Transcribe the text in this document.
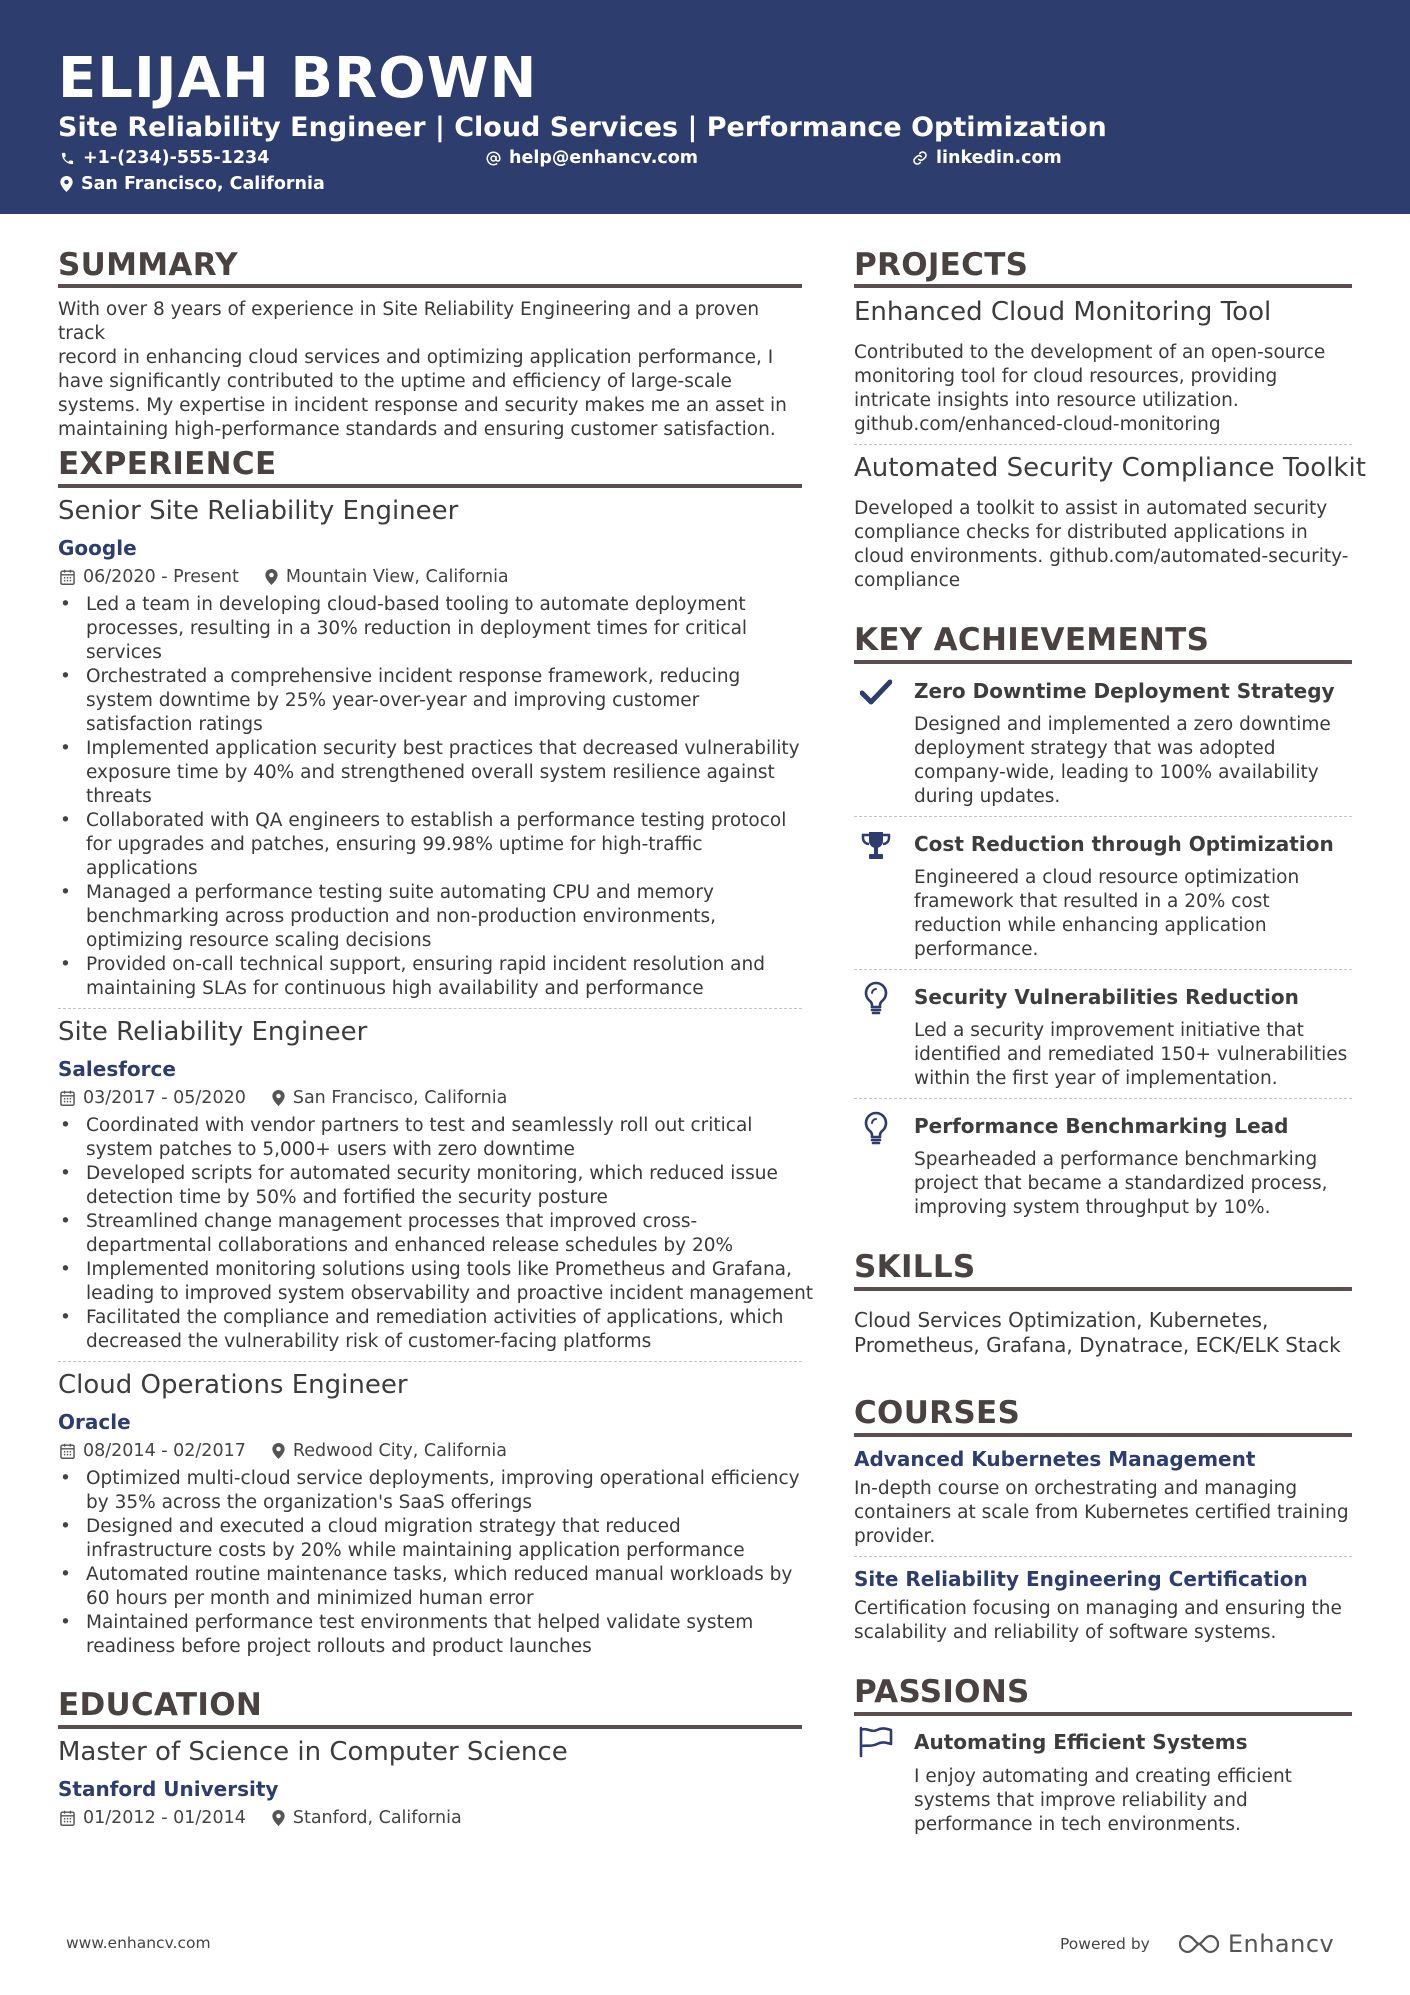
ELIJAH BROWN
Site Reliability Engineer | Cloud Services | Performance Optimization
+1-(234)-555-1234	help@enhancv.com	linkedin.com
San Francisco, California
SUMMARY
With over 8 years of experience in Site Reliability Engineering and a proven track
record in enhancing cloud services and optimizing application performance, I
have significantly contributed to the uptime and efficiency of large-scale
systems. My expertise in incident response and security makes me an asset in
maintaining high-performance standards and ensuring customer satisfaction.
EXPERIENCE
Senior Site Reliability Engineer
Google
06/2020 - Present	Mountain View, California
• Led a team in developing cloud-based tooling to automate deployment
processes, resulting in a 30% reduction in deployment times for critical
services
• Orchestrated a comprehensive incident response framework, reducing
system downtime by 25% year-over-year and improving customer
satisfaction ratings
• Implemented application security best practices that decreased vulnerability
exposure time by 40% and strengthened overall system resilience against
threats
• Collaborated with QA engineers to establish a performance testing protocol
for upgrades and patches, ensuring 99.98% uptime for high-traffic
applications
• Managed a performance testing suite automating CPU and memory
benchmarking across production and non-production environments,
optimizing resource scaling decisions
• Provided on-call technical support, ensuring rapid incident resolution and
maintaining SLAs for continuous high availability and performance
Site Reliability Engineer
Salesforce
03/2017 - 05/2020	San Francisco, California
• Coordinated with vendor partners to test and seamlessly roll out critical
system patches to 5,000+ users with zero downtime
• Developed scripts for automated security monitoring, which reduced issue
detection time by 50% and fortified the security posture
• Streamlined change management processes that improved cross-
departmental collaborations and enhanced release schedules by 20%
• Implemented monitoring solutions using tools like Prometheus and Grafana,
leading to improved system observability and proactive incident management
• Facilitated the compliance and remediation activities of applications, which
decreased the vulnerability risk of customer-facing platforms
Cloud Operations Engineer
Oracle
08/2014 - 02/2017	Redwood City, California
• Optimized multi-cloud service deployments, improving operational efficiency
by 35% across the organization's SaaS offerings
• Designed and executed a cloud migration strategy that reduced
infrastructure costs by 20% while maintaining application performance
• Automated routine maintenance tasks, which reduced manual workloads by
60 hours per month and minimized human error
• Maintained performance test environments that helped validate system
readiness before project rollouts and product launches
EDUCATION
Master of Science in Computer Science
Stanford University
01/2012 - 01/2014	Stanford, California
PROJECTS
Enhanced Cloud Monitoring Tool
Contributed to the development of an open-source
monitoring tool for cloud resources, providing
intricate insights into resource utilization.
github.com/enhanced-cloud-monitoring
Automated Security Compliance Toolkit
Developed a toolkit to assist in automated security
compliance checks for distributed applications in
cloud environments. github.com/automated-security-
compliance
KEY ACHIEVEMENTS
Zero Downtime Deployment Strategy
Designed and implemented a zero downtime
deployment strategy that was adopted
company-wide, leading to 100% availability
during updates.
Cost Reduction through Optimization
Engineered a cloud resource optimization
framework that resulted in a 20% cost
reduction while enhancing application
performance.
Security Vulnerabilities Reduction
Led a security improvement initiative that
identified and remediated 150+ vulnerabilities
within the first year of implementation.
Performance Benchmarking Lead
Spearheaded a performance benchmarking
project that became a standardized process,
improving system throughput by 10%.
SKILLS
Cloud Services Optimization, Kubernetes,
Prometheus, Grafana, Dynatrace, ECK/ELK Stack
COURSES
Advanced Kubernetes Management
In-depth course on orchestrating and managing
containers at scale from Kubernetes certified training
provider.
Site Reliability Engineering Certification
Certification focusing on managing and ensuring the
scalability and reliability of software systems.
PASSIONS
Automating Efficient Systems
I enjoy automating and creating efficient
systems that improve reliability and
performance in tech environments.
www.enhancv.com	Powered by	Enhancv
